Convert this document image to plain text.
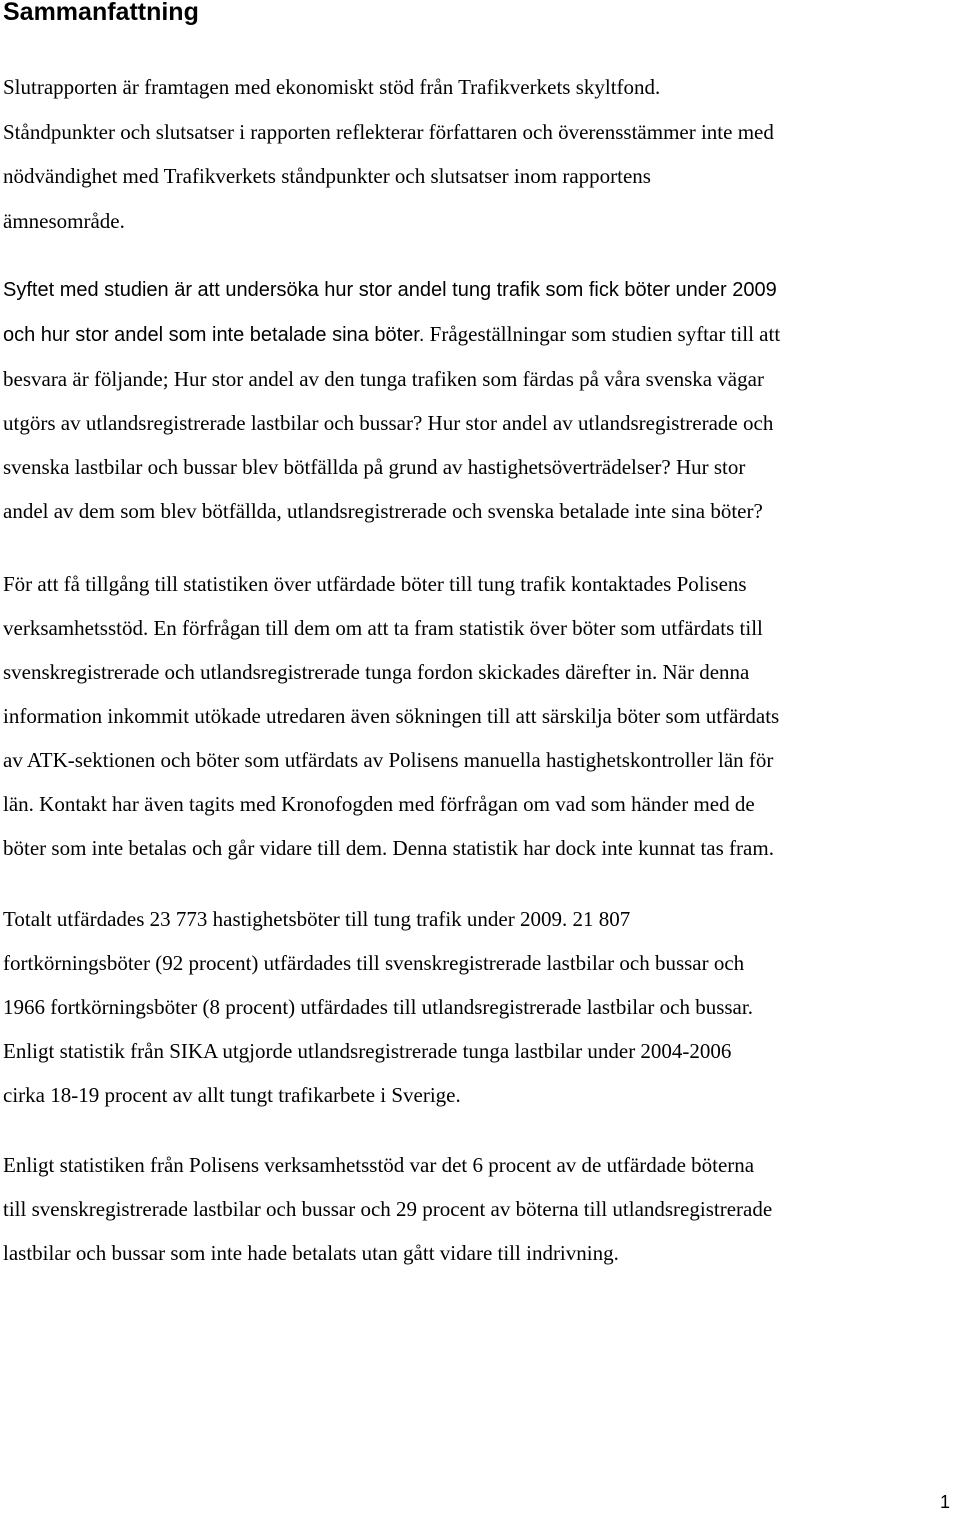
Sammanfattning

Slutrapporten är framtagen med ekonomiskt stöd från Trafikverkets skyltfond.
Ståndpunkter och slutsatser i rapporten reflekterar författaren och överensstämmer inte med
nödvändighet med Trafikverkets ståndpunkter och slutsatser inom rapportens
ämnesområde.

Syftet med studien är att undersöka hur stor andel tung trafik som fick böter under 2009
och hur stor andel som inte betalade sina böter. Frågeställningar som studien syftar till att
besvara är följande; Hur stor andel av den tunga trafiken som färdas på våra svenska vägar
utgörs av utlandsregistrerade lastbilar och bussar? Hur stor andel av utlandsregistrerade och
svenska lastbilar och bussar blev bötfällda på grund av hastighetsöverträdelser? Hur stor
andel av dem som blev bötfällda, utlandsregistrerade och svenska betalade inte sina böter?

För att få tillgång till statistiken över utfärdade böter till tung trafik kontaktades Polisens
verksamhetsstöd. En förfrågan till dem om att ta fram statistik över böter som utfärdats till
svenskregistrerade och utlandsregistrerade tunga fordon skickades därefter in. När denna
information inkommit utökade utredaren även sökningen till att särskilja böter som utfärdats
av ATK-sektionen och böter som utfärdats av Polisens manuella hastighetskontroller län för
län. Kontakt har även tagits med Kronofogden med förfrågan om vad som händer med de
böter som inte betalas och går vidare till dem. Denna statistik har dock inte kunnat tas fram.

Totalt utfärdades 23 773 hastighetsböter till tung trafik under 2009. 21 807
fortkörningsböter (92 procent) utfärdades till svenskregistrerade lastbilar och bussar och
1966 fortkörningsböter (8 procent) utfärdades till utlandsregistrerade lastbilar och bussar.
Enligt statistik från SIKA utgjorde utlandsregistrerade tunga lastbilar under 2004-2006
cirka 18-19 procent av allt tungt trafikarbete i Sverige.

Enligt statistiken från Polisens verksamhetsstöd var det 6 procent av de utfärdade böterna
till svenskregistrerade lastbilar och bussar och 29 procent av böterna till utlandsregistrerade
lastbilar och bussar som inte hade betalats utan gått vidare till indrivning.

1
